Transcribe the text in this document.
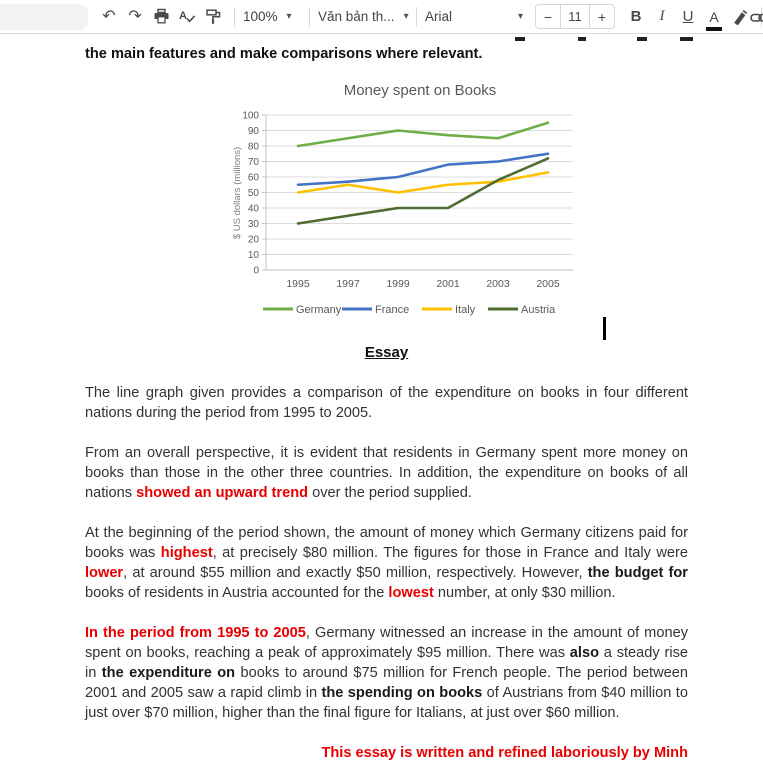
↶ ↷	A	100% ▾ Văn bản th... ▾ Arial	▾	−	11	+	B I U A

the main features and make comparisons where relevant.

0
10
20
30
40
50
60
70
80
90
100
1995	1997	1999	2001	2003	2005
Money spent on Books
$ US dollars (millions)
Germany	France	Italy	Austria

Essay

The line graph given provides a comparison of the expenditure on books in four different nations during the period from 1995 to 2005.

From an overall perspective, it is evident that residents in Germany spent more money on books than those in the other three countries. In addition, the expenditure on books of all nations showed an upward trend over the period supplied.

At the beginning of the period shown, the amount of money which Germany citizens paid for books was highest, at precisely $80 million. The figures for those in France and Italy were lower, at around $55 million and exactly $50 million, respectively. However, the budget for books of residents in Austria accounted for the lowest number, at only $30 million.

In the period from 1995 to 2005, Germany witnessed an increase in the amount of money spent on books, reaching a peak of approximately $95 million. There was also a steady rise in the expenditure on books to around $75 million for French people. The period between 2001 and 2005 saw a rapid climb in the spending on books of Austrians from $40 million to just over $70 million, higher than the final figure for Italians, at just over $60 million.

This essay is written and refined laboriously by Minh
